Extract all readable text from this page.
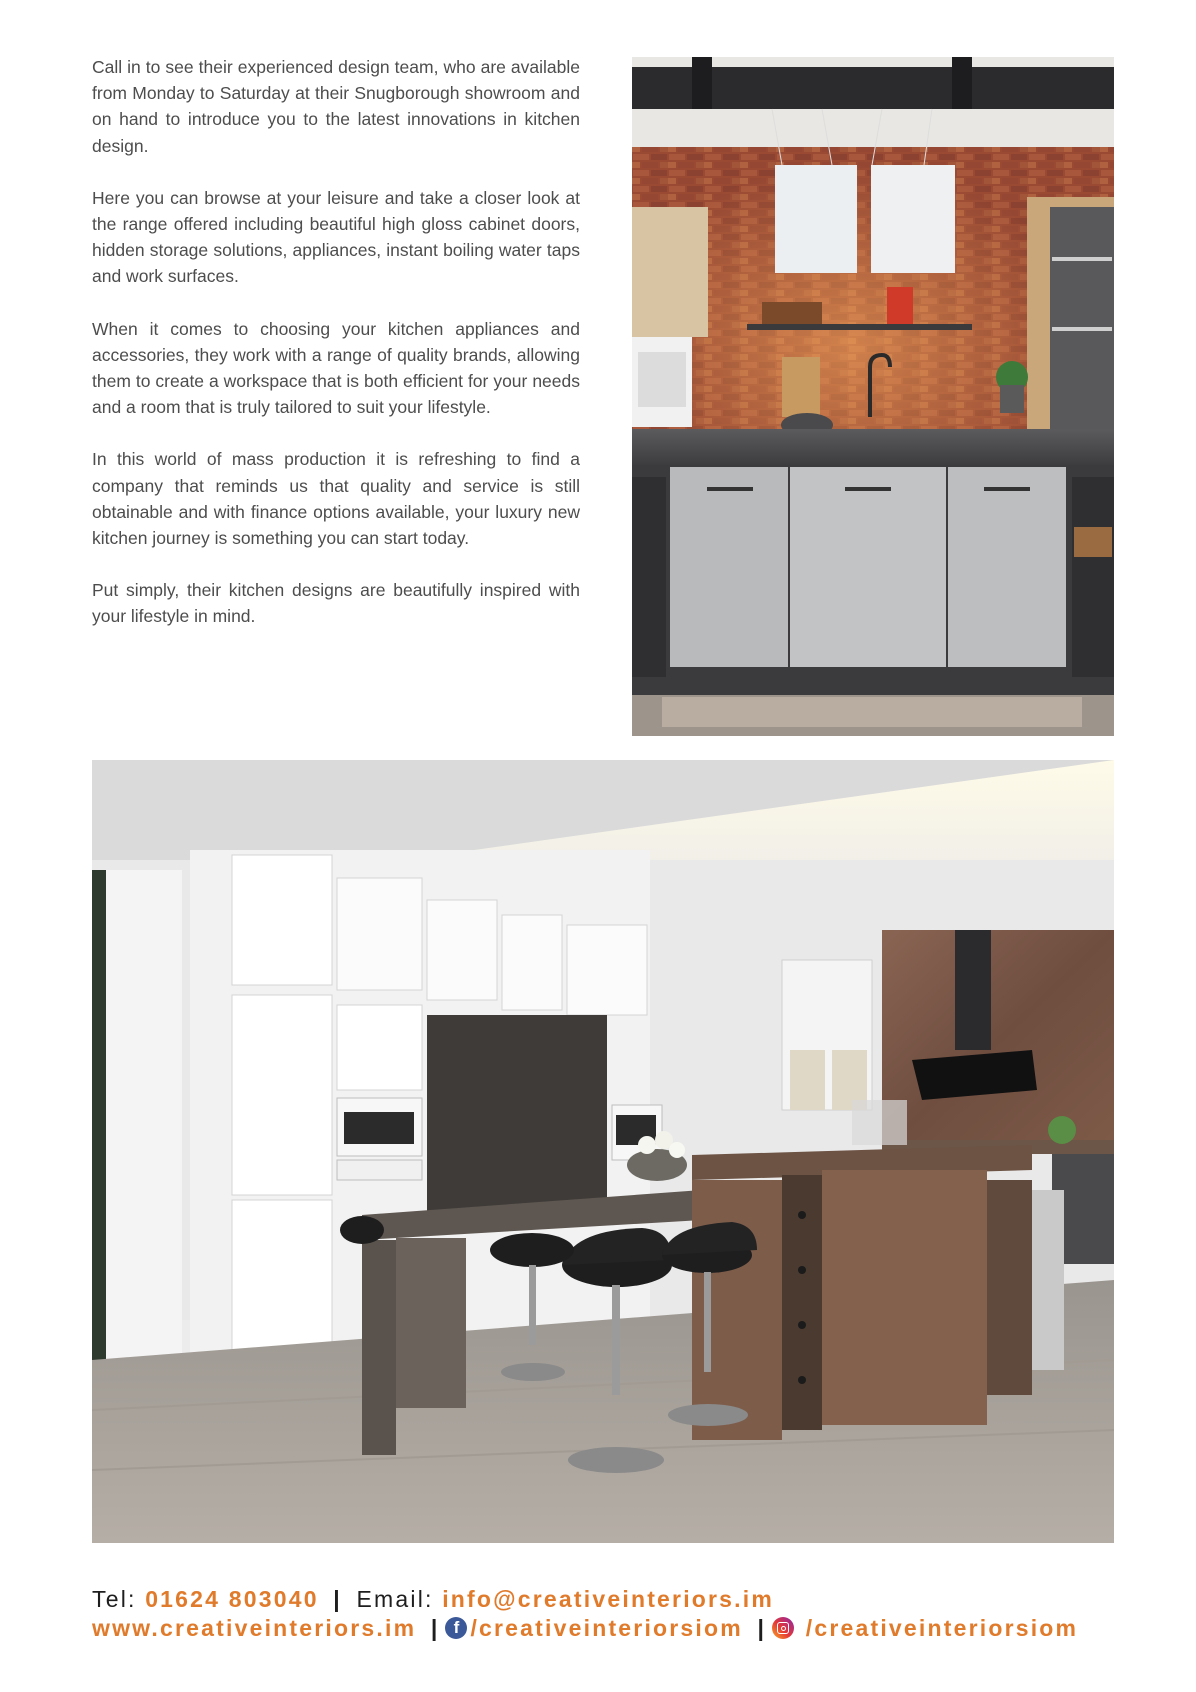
Call in to see their experienced design team, who are available from Monday to Saturday at their Snugborough showroom and on hand to introduce you to the latest innovations in kitchen design.

Here you can browse at your leisure and take a closer look at the range offered including beautiful high gloss cabinet doors, hidden storage solutions, appliances, instant boiling water taps and work surfaces.

When it comes to choosing your kitchen appliances and accessories, they work with a range of quality brands, allowing them to create a workspace that is both efficient for your needs and a room that is truly tailored to suit your lifestyle.

In this world of mass production it is refreshing to find a company that reminds us that quality and service is still obtainable and with finance options available, your luxury new kitchen journey is something you can start today.

Put simply, their kitchen designs are beautifully inspired with your lifestyle in mind.

Tel: 01624 803040 | Email: info@creativeinteriors.im
www.creativeinteriors.im |f /creativeinteriorsiom | /creativeinteriorsiom
